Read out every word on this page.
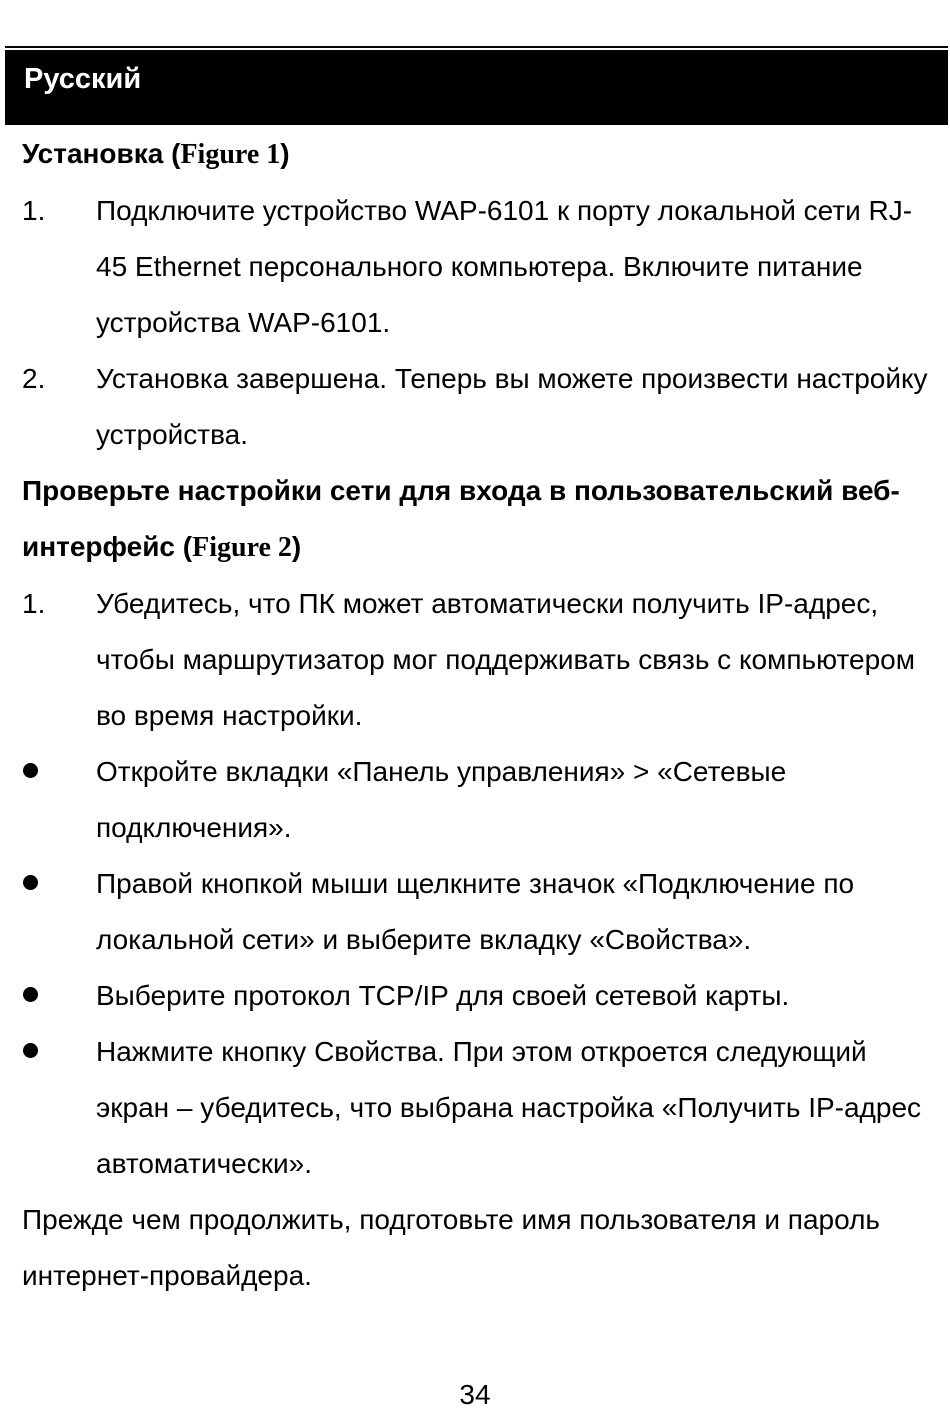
Русский

Установка (Figure 1)

1.	Подключите устройство WAP-6101 к порту локальной сети RJ-45 Ethernet персонального компьютера. Включите питание устройства WAP-6101.

2.	Установка завершена. Теперь вы можете произвести настройку устройства.

Проверьте настройки сети для входа в пользовательский веб-интерфейс (Figure 2)

1.	Убедитесь, что ПК может автоматически получить IP-адрес, чтобы маршрутизатор мог поддерживать связь с компьютером во время настройки.

Откройте вкладки «Панель управления» > «Сетевые подключения».

Правой кнопкой мыши щелкните значок «Подключение по локальной сети» и выберите вкладку «Свойства».

Выберите протокол TCP/IP для своей сетевой карты.

Нажмите кнопку Свойства. При этом откроется следующий экран – убедитесь, что выбрана настройка «Получить IP-адрес автоматически».

Прежде чем продолжить, подготовьте имя пользователя и пароль интернет-провайдера.

34
